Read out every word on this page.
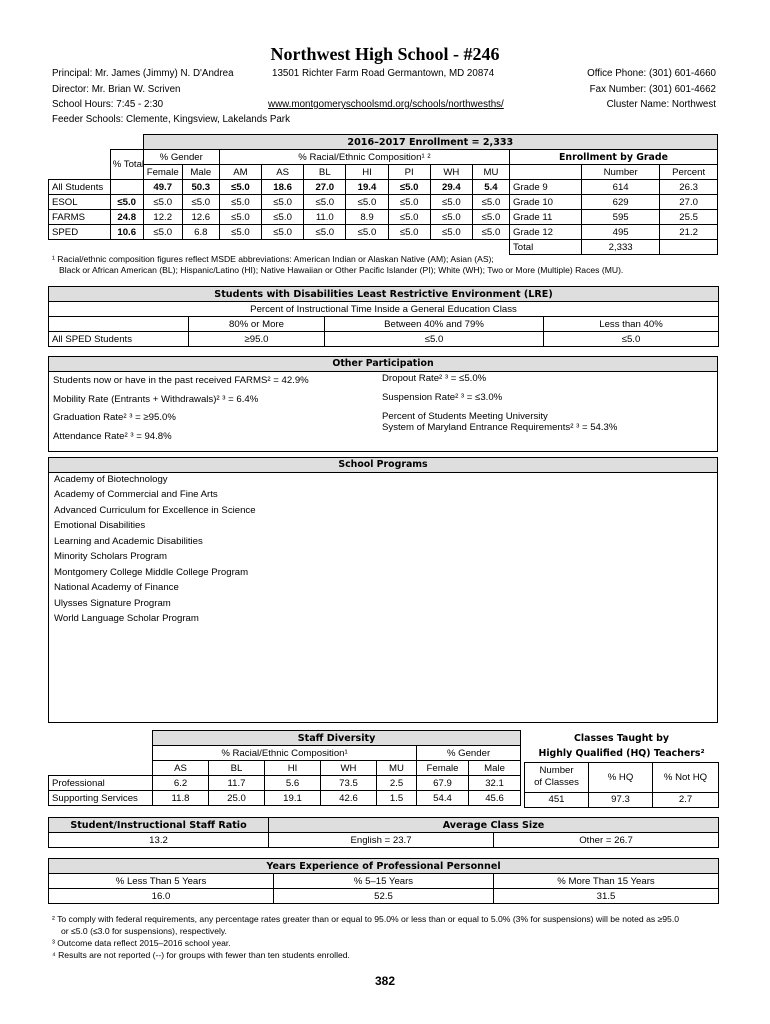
Northwest High School - #246
Principal: Mr. James (Jimmy) N. D'Andrea
Director: Mr. Brian W. Scriven
School Hours: 7:45 - 2:30
Feeder Schools: Clemente, Kingsview, Lakelands Park
13501 Richter Farm Road Germantown, MD 20874
www.montgomeryschoolsmd.org/schools/northwesths/
Office Phone: (301) 601-4660
Fax Number: (301) 601-4662
Cluster Name: Northwest
		2016–2017 Enrollment = 2,333											
	% Total	% Gender		% Racial/Ethnic Composition¹ ²							Enrollment by Grade		
		Female	Male	AM	AS	BL	HI	PI	WH	MU		Number	Percent
All Students		49.7	50.3	≤5.0	18.6	27.0	19.4	≤5.0	29.4	5.4	Grade 9	614	26.3
ESOL	≤5.0	≤5.0	≤5.0	≤5.0	≤5.0	≤5.0	≤5.0	≤5.0	≤5.0	≤5.0	Grade 10	629	27.0
FARMS	24.8	12.2	12.6	≤5.0	≤5.0	11.0	8.9	≤5.0	≤5.0	≤5.0	Grade 11	595	25.5
SPED	10.6	≤5.0	6.8	≤5.0	≤5.0	≤5.0	≤5.0	≤5.0	≤5.0	≤5.0	Grade 12	495	21.2
											Total	2,333	
¹ Racial/ethnic composition figures reflect MSDE abbreviations: American Indian or Alaskan Native (AM); Asian (AS);
Black or African American (BL); Hispanic/Latino (HI); Native Hawaiian or Other Pacific Islander (PI); White (WH); Two or More (Multiple) Races (MU).
Students with Disabilities Least Restrictive Environment (LRE)			
Percent of Instructional Time Inside a General Education Class			
	80% or More	Between 40% and 79%	Less than 40%
All SPED Students	≥95.0	≤5.0	≤5.0
Other Participation
Students now or have in the past received FARMS² = 42.9%
Mobility Rate (Entrants + Withdrawals)² ³ = 6.4%
Graduation Rate² ³ = ≥95.0%
Attendance Rate² ³ = 94.8%
Dropout Rate² ³ = ≤5.0%
Suspension Rate² ³ = ≤3.0%
Percent of Students Meeting University
System of Maryland Entrance Requirements² ³ = 54.3%
School Programs
Academy of Biotechnology
Academy of Commercial and Fine Arts
Advanced Curriculum for Excellence in Science
Emotional Disabilities
Learning and Academic Disabilities
Minority Scholars Program
Montgomery College Middle College Program
National Academy of Finance
Ulysses Signature Program
World Language Scholar Program
	Staff Diversity						
	% Racial/Ethnic Composition¹					% Gender	
	AS	BL	HI	WH	MU	Female	Male
Professional	6.2	11.7	5.6	73.5	2.5	67.9	32.1
Supporting Services	11.8	25.0	19.1	42.6	1.5	54.4	45.6
Classes Taught by
Highly Qualified (HQ) Teachers²		

Number
of Classes	% HQ	% Not HQ
451	97.3	2.7
Student/Instructional Staff Ratio	Average Class Size	
13.2	English = 23.7	Other = 26.7
Years Experience of Professional Personnel		
% Less Than 5 Years	% 5–15 Years	% More Than 15 Years
16.0	52.5	31.5
² To comply with federal requirements, any percentage rates greater than or equal to 95.0% or less than or equal to 5.0% (3% for suspensions) will be noted as ≥95.0
or ≤5.0 (≤3.0 for suspensions), respectively.
³ Outcome data reflect 2015–2016 school year.
⁴ Results are not reported (--) for groups with fewer than ten students enrolled.
382
